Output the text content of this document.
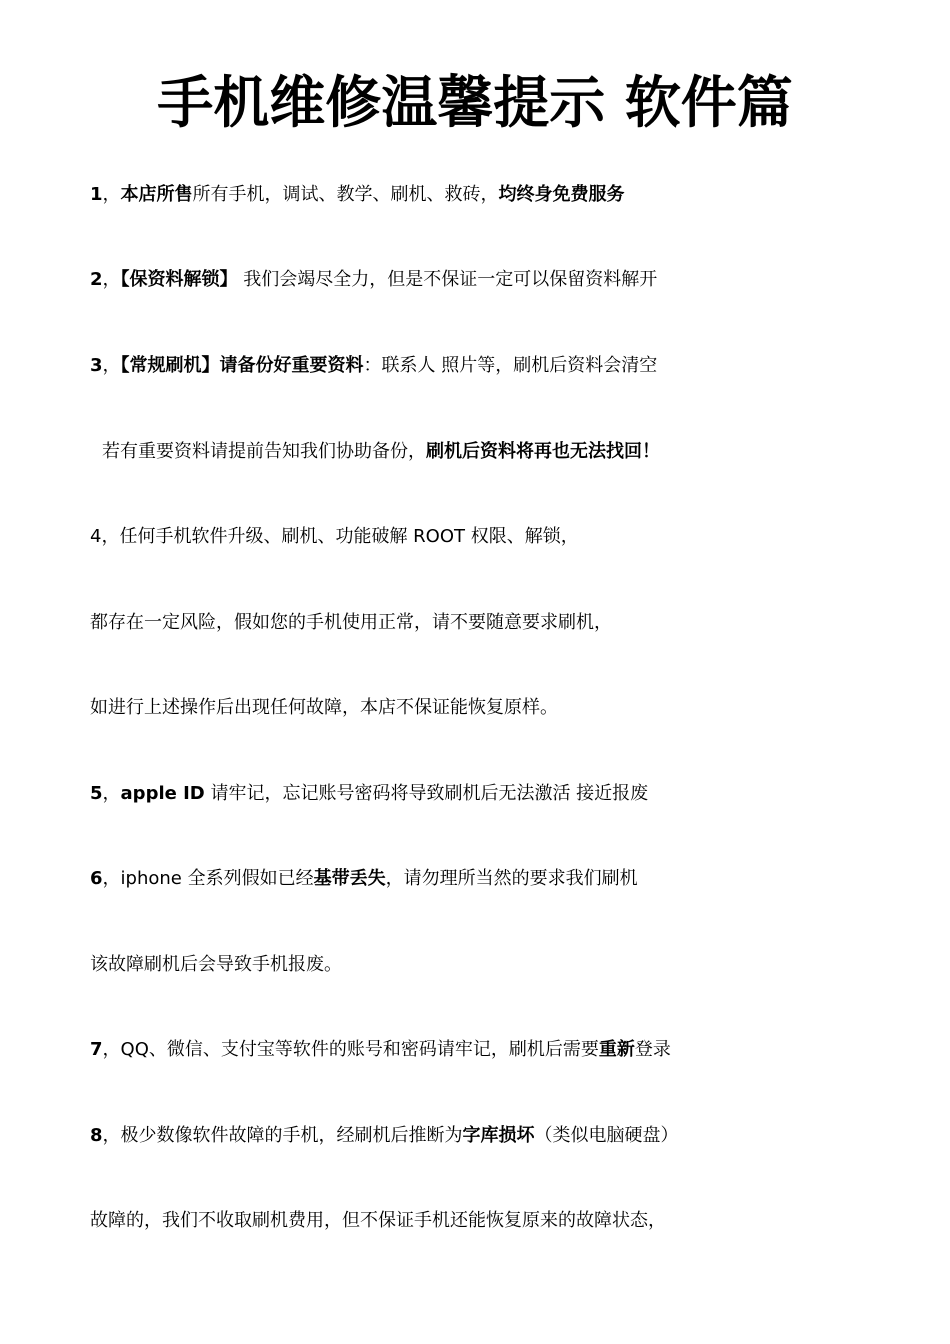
手机维修温馨提示 软件篇
1，本店所售所有手机，调试、教学、刷机、救砖，均终身免费服务
2，【保资料解锁】 我们会竭尽全力，但是不保证一定可以保留资料解开
3，【常规刷机】请备份好重要资料：联系人 照片等，刷机后资料会清空
若有重要资料请提前告知我们协助备份，刷机后资料将再也无法找回！
4，任何手机软件升级、刷机、功能破解 ROOT 权限、解锁，
都存在一定风险，假如您的手机使用正常，请不要随意要求刷机，
如进行上述操作后出现任何故障，本店不保证能恢复原样。
5，apple ID 请牢记，忘记账号密码将导致刷机后无法激活 接近报废
6，iphone 全系列假如已经基带丢失，请勿理所当然的要求我们刷机
该故障刷机后会导致手机报废。
7，QQ、微信、支付宝等软件的账号和密码请牢记，刷机后需要重新登录
8，极少数像软件故障的手机，经刷机后推断为字库损坏（类似电脑硬盘）
故障的，我们不收取刷机费用，但不保证手机还能恢复原来的故障状态，
